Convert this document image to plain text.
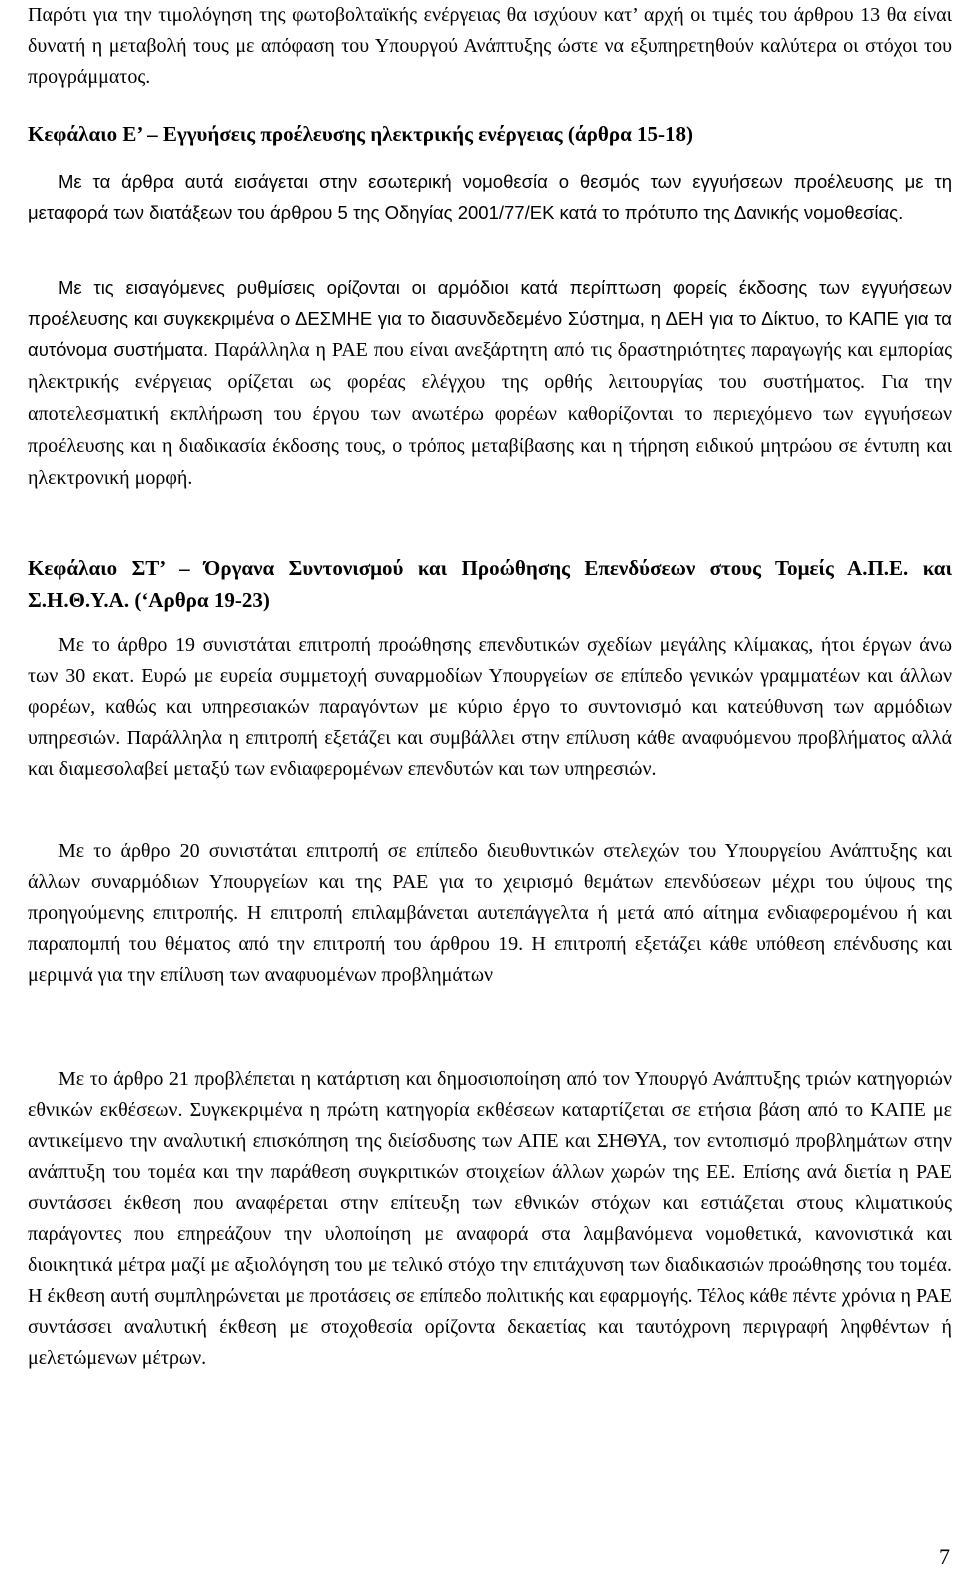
Παρότι για την τιμολόγηση της φωτοβολταϊκής ενέργειας θα ισχύουν κατ’ αρχή οι τιμές του άρθρου 13 θα είναι δυνατή η μεταβολή τους με απόφαση του Υπουργού Ανάπτυξης ώστε να εξυπηρετηθούν καλύτερα οι στόχοι του προγράμματος.

Κεφάλαιο Ε’ – Εγγυήσεις προέλευσης ηλεκτρικής ενέργειας (άρθρα 15-18)

Με τα άρθρα αυτά εισάγεται στην εσωτερική νομοθεσία ο θεσμός των εγγυήσεων προέλευσης με τη μεταφορά των διατάξεων του άρθρου 5 της Οδηγίας 2001/77/ΕΚ κατά το πρότυπο της Δανικής νομοθεσίας.

Με τις εισαγόμενες ρυθμίσεις ορίζονται οι αρμόδιοι κατά περίπτωση φορείς έκδοσης των εγγυήσεων προέλευσης και συγκεκριμένα ο ΔΕΣΜΗΕ για το διασυνδεδεμένο Σύστημα, η ΔΕΗ για το Δίκτυο, το ΚΑΠΕ για τα αυτόνομα συστήματα. Παράλληλα η ΡΑΕ που είναι ανεξάρτητη από τις δραστηριότητες παραγωγής και εμπορίας ηλεκτρικής ενέργειας ορίζεται ως φορέας ελέγχου της ορθής λειτουργίας του συστήματος. Για την αποτελεσματική εκπλήρωση του έργου των ανωτέρω φορέων καθορίζονται το περιεχόμενο των εγγυήσεων προέλευσης και η διαδικασία έκδοσης τους, ο τρόπος μεταβίβασης και η τήρηση ειδικού μητρώου σε έντυπη και ηλεκτρονική μορφή.

Κεφάλαιο ΣΤ’ – Όργανα Συντονισμού και Προώθησης Επενδύσεων στους Τομείς Α.Π.Ε. και Σ.Η.Θ.Υ.Α. (‘Αρθρα 19-23)

Με το άρθρο 19 συνιστάται επιτροπή προώθησης επενδυτικών σχεδίων μεγάλης κλίμακας, ήτοι έργων άνω των 30 εκατ. Ευρώ με ευρεία συμμετοχή συναρμοδίων Υπουργείων σε επίπεδο γενικών γραμματέων και άλλων φορέων, καθώς και υπηρεσιακών παραγόντων με κύριο έργο το συντονισμό και κατεύθυνση των αρμόδιων υπηρεσιών. Παράλληλα η επιτροπή εξετάζει και συμβάλλει στην επίλυση κάθε αναφυόμενου προβλήματος αλλά και διαμεσολαβεί μεταξύ των ενδιαφερομένων επενδυτών και των υπηρεσιών.
Με το άρθρο 20 συνιστάται επιτροπή σε επίπεδο διευθυντικών στελεχών του Υπουργείου Ανάπτυξης και άλλων συναρμόδιων Υπουργείων και της ΡΑΕ για το χειρισμό θεμάτων επενδύσεων μέχρι του ύψους της προηγούμενης επιτροπής. Η επιτροπή επιλαμβάνεται αυτεπάγγελτα ή μετά από αίτημα ενδιαφερομένου ή και παραπομπή του θέματος από την επιτροπή του άρθρου 19. Η επιτροπή εξετάζει κάθε υπόθεση επένδυσης και μεριμνά για την επίλυση των αναφυομένων προβλημάτων
Με το άρθρο 21 προβλέπεται η κατάρτιση και δημοσιοποίηση από τον Υπουργό Ανάπτυξης τριών κατηγοριών εθνικών εκθέσεων. Συγκεκριμένα η πρώτη κατηγορία εκθέσεων καταρτίζεται σε ετήσια βάση από το ΚΑΠΕ με αντικείμενο την αναλυτική επισκόπηση της διείσδυσης των ΑΠΕ και ΣΗΘΥΑ, τον εντοπισμό προβλημάτων στην ανάπτυξη του τομέα και την παράθεση συγκριτικών στοιχείων άλλων χωρών της ΕΕ. Επίσης ανά διετία η ΡΑΕ συντάσσει έκθεση που αναφέρεται στην επίτευξη των εθνικών στόχων και εστιάζεται στους κλιματικούς παράγοντες που επηρεάζουν την υλοποίηση με αναφορά στα λαμβανόμενα νομοθετικά, κανονιστικά και διοικητικά μέτρα μαζί με αξιολόγηση του με τελικό στόχο την επιτάχυνση των διαδικασιών προώθησης του τομέα. Η έκθεση αυτή συμπληρώνεται με προτάσεις σε επίπεδο πολιτικής και εφαρμογής. Τέλος κάθε πέντε χρόνια η ΡΑΕ συντάσσει αναλυτική έκθεση με στοχοθεσία ορίζοντα δεκαετίας και ταυτόχρονη περιγραφή ληφθέντων ή μελετώμενων μέτρων.
7
